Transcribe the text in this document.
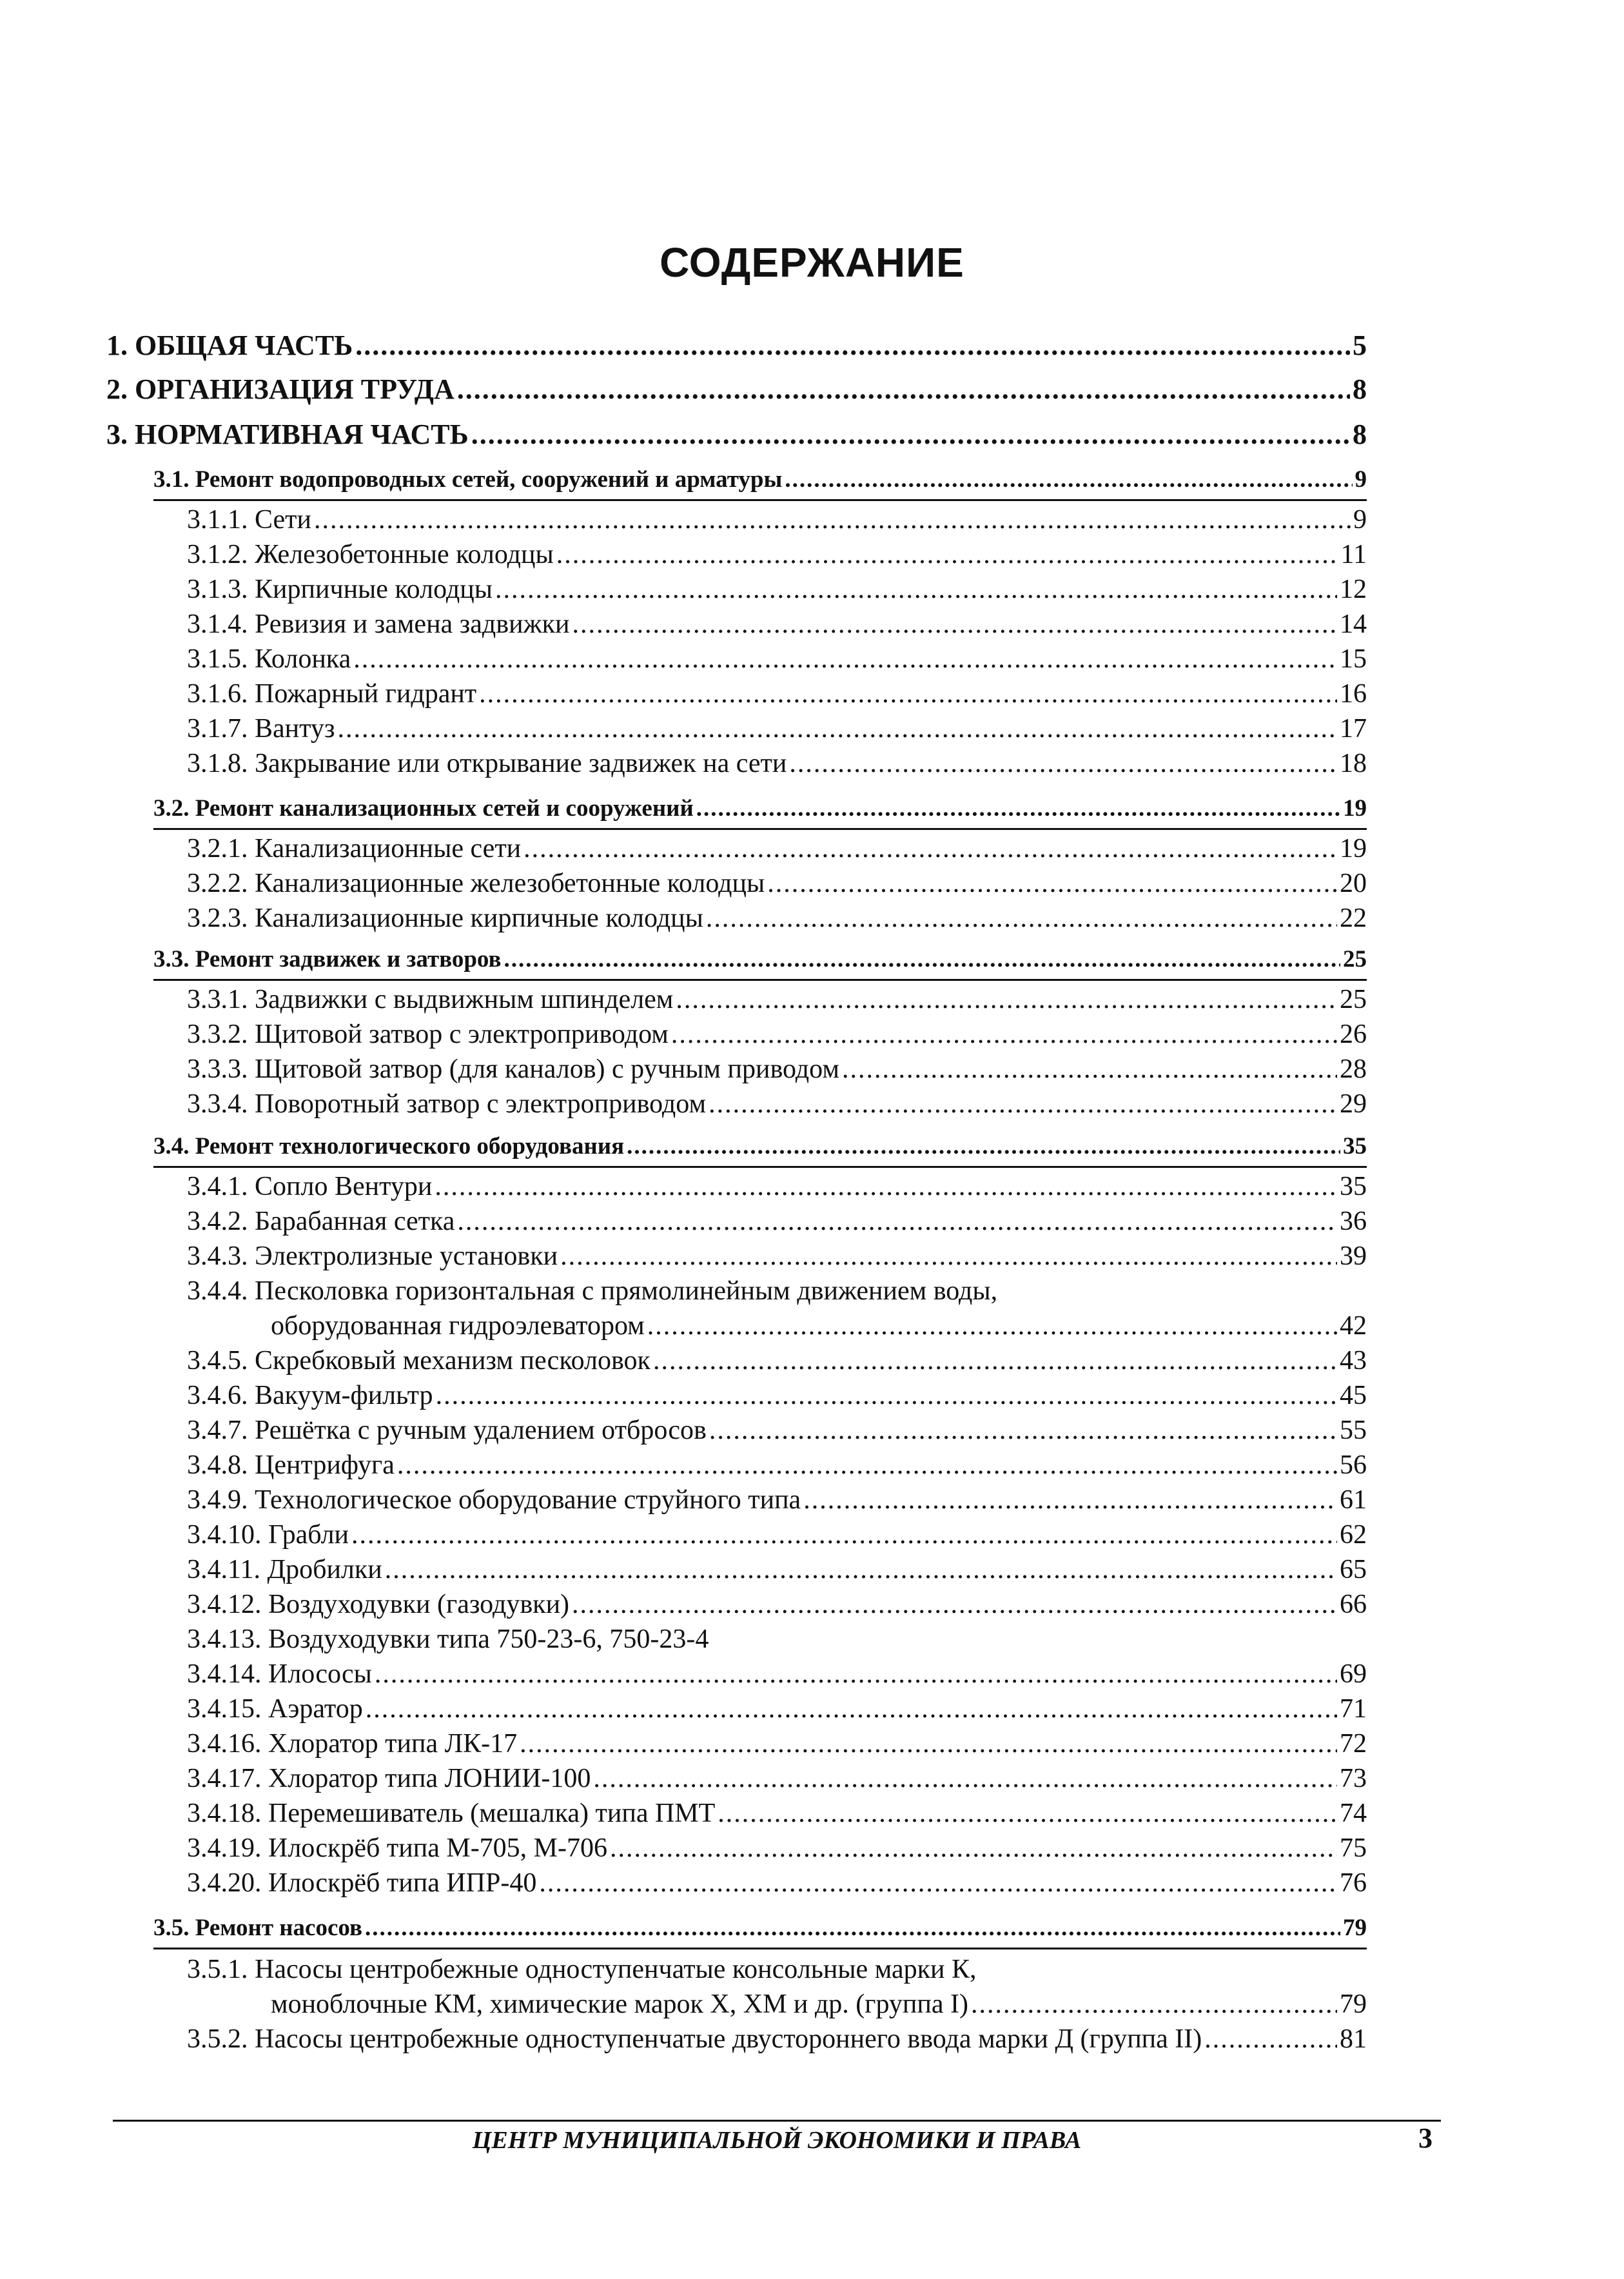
СОДЕРЖАНИЕ
1. ОБЩАЯ ЧАСТЬ .....	5
2. ОРГАНИЗАЦИЯ ТРУДА .....	8
3. НОРМАТИВНАЯ ЧАСТЬ .....	8
3.1. Ремонт водопроводных сетей, сооружений и арматуры .....	9
3.1.1. Сети .....	9
3.1.2. Железобетонные колодцы .....	11
3.1.3. Кирпичные колодцы .....	12
3.1.4. Ревизия и замена задвижки .....	14
3.1.5. Колонка .....	15
3.1.6. Пожарный гидрант .....	16
3.1.7. Вантуз .....	17
3.1.8. Закрывание или открывание задвижек на сети .....	18
3.2. Ремонт канализационных сетей и сооружений .....	19
3.2.1. Канализационные сети .....	19
3.2.2. Канализационные железобетонные колодцы .....	20
3.2.3. Канализационные кирпичные колодцы .....	22
3.3. Ремонт задвижек и затворов .....	25
3.3.1. Задвижки с выдвижным шпинделем .....	25
3.3.2. Щитовой затвор с электроприводом .....	26
3.3.3. Щитовой затвор (для каналов) с ручным приводом .....	28
3.3.4. Поворотный затвор с электроприводом .....	29
3.4. Ремонт технологического оборудования .....	35
3.4.1. Сопло Вентури .....	35
3.4.2. Барабанная сетка .....	36
3.4.3. Электролизные установки .....	39
3.4.4. Песколовка горизонтальная с прямолинейным движением воды,
оборудованная гидроэлеватором .....	42
3.4.5. Скребковый механизм песколовок .....	43
3.4.6. Вакуум-фильтр .....	45
3.4.7. Решётка с ручным удалением отбросов .....	55
3.4.8. Центрифуга .....	56
3.4.9. Технологическое оборудование струйного типа .....	61
3.4.10. Грабли .....	62
3.4.11. Дробилки .....	65
3.4.12. Воздуходувки (газодувки) .....	66
3.4.13. Воздуходувки типа 750-23-6, 750-23-4
3.4.14. Илососы .....	69
3.4.15. Аэратор .....	71
3.4.16. Хлоратор типа ЛК-17 .....	72
3.4.17. Хлоратор типа ЛОНИИ-100 .....	73
3.4.18. Перемешиватель (мешалка) типа ПМТ .....	74
3.4.19. Илоскрёб типа М-705, М-706 .....	75
3.4.20. Илоскрёб типа ИПР-40 .....	76
3.5. Ремонт насосов .....	79
3.5.1. Насосы центробежные одноступенчатые консольные марки К,
моноблочные КМ, химические марок Х, ХМ и др. (группа I) .....	79
3.5.2. Насосы центробежные одноступенчатые двустороннего ввода марки Д (группа II) .....	81
ЦЕНТР МУНИЦИПАЛЬНОЙ ЭКОНОМИКИ И ПРАВА	3
